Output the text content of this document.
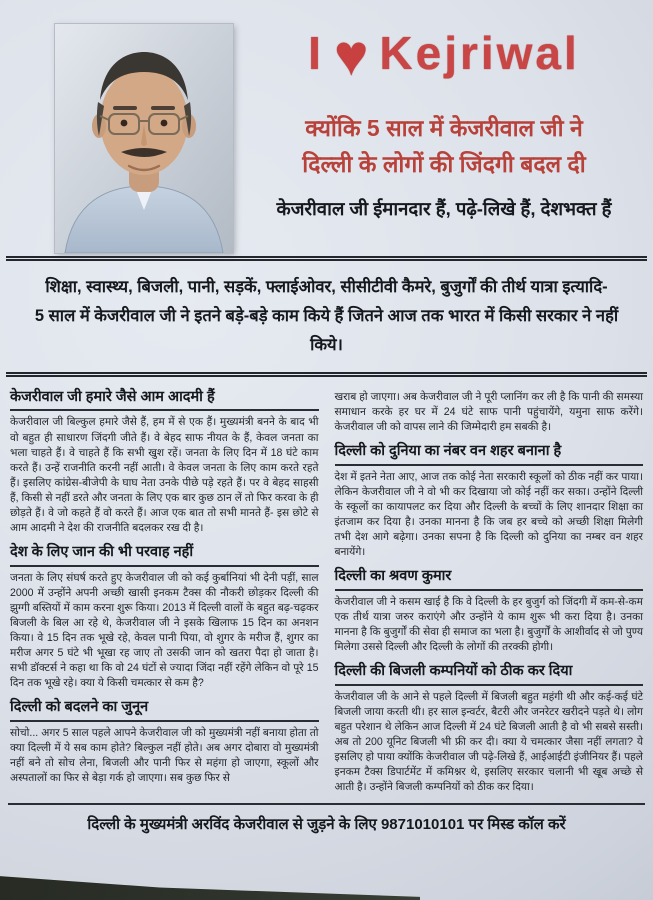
I ♥ Kejriwal
क्योंकि 5 साल में केजरीवाल जी ने
दिल्ली के लोगों की जिंदगी बदल दी
केजरीवाल जी ईमानदार हैं, पढ़े-लिखे हैं, देशभक्त हैं
शिक्षा, स्वास्थ्य, बिजली, पानी, सड़कें, फ्लाईओवर, सीसीटीवी कैमरे, बुजुर्गों की तीर्थ यात्रा इत्यादि-
5 साल में केजरीवाल जी ने इतने बड़े-बड़े काम किये हैं जितने आज तक भारत में किसी सरकार ने नहीं किये।
केजरीवाल जी हमारे जैसे आम आदमी हैं

केजरीवाल जी बिल्कुल हमारे जैसे हैं, हम में से एक हैं। मुख्यमंत्री बनने के बाद भी वो बहुत ही साधारण जिंदगी जीते हैं। वे बेहद साफ नीयत के हैं, केवल जनता का भला चाहते हैं। वे चाहते हैं कि सभी खुश रहें। जनता के लिए दिन में 18 घंटे काम करते हैं। उन्हें राजनीति करनी नहीं आती। वे केवल जनता के लिए काम करते रहते हैं। इसलिए कांग्रेस-बीजेपी के घाघ नेता उनके पीछे पड़े रहते हैं। पर वे बेहद साहसी हैं, किसी से नहीं डरते और जनता के लिए एक बार कुछ ठान लें तो फिर करवा के ही छोड़ते हैं। वे जो कहते हैं वो करते हैं। आज एक बात तो सभी मानते हैं- इस छोटे से आम आदमी ने देश की राजनीति बदलकर रख दी है।

देश के लिए जान की भी परवाह नहीं

जनता के लिए संघर्ष करते हुए केजरीवाल जी को कई कुर्बानियां भी देनी पड़ीं, साल 2000 में उन्होंने अपनी अच्छी खासी इनकम टैक्स की नौकरी छोड़कर दिल्ली की झुग्गी बस्तियों में काम करना शुरू किया। 2013 में दिल्ली वालों के बहुत बढ़-चढ़कर बिजली के बिल आ रहे थे, केजरीवाल जी ने इसके खिलाफ 15 दिन का अनशन किया। वे 15 दिन तक भूखे रहे, केवल पानी पिया, वो शुगर के मरीज हैं, शुगर का मरीज अगर 5 घंटे भी भूखा रह जाए तो उसकी जान को खतरा पैदा हो जाता है। सभी डॉक्टर्स ने कहा था कि वो 24 घंटों से ज्यादा जिंदा नहीं रहेंगे लेकिन वो पूरे 15 दिन तक भूखे रहे। क्या ये किसी चमत्कार से कम है?

दिल्ली को बदलने का जुनून

सोचो... अगर 5 साल पहले आपने केजरीवाल जी को मुख्यमंत्री नहीं बनाया होता तो क्या दिल्ली में ये सब काम होते? बिल्कुल नहीं होते। अब अगर दोबारा वो मुख्यमंत्री नहीं बने तो सोच लेना, बिजली और पानी फिर से महंगा हो जाएगा, स्कूलों और अस्पतालों का फिर से बेड़ा गर्क हो जाएगा। सब कुछ फिर से

खराब हो जाएगा। अब केजरीवाल जी ने पूरी प्लानिंग कर ली है कि पानी की समस्या समाधान करके हर घर में 24 घंटे साफ पानी पहुंचायेंगे, यमुना साफ करेंगे। केजरीवाल जी को वापस लाने की जिम्मेदारी हम सबकी है।

दिल्ली को दुनिया का नंबर वन शहर बनाना है

देश में इतने नेता आए, आज तक कोई नेता सरकारी स्कूलों को ठीक नहीं कर पाया। लेकिन केजरीवाल जी ने वो भी कर दिखाया जो कोई नहीं कर सका। उन्होंने दिल्ली के स्कूलों का कायापलट कर दिया और दिल्ली के बच्चों के लिए शानदार शिक्षा का इंतजाम कर दिया है। उनका मानना है कि जब हर बच्चे को अच्छी शिक्षा मिलेगी तभी देश आगे बढ़ेगा। उनका सपना है कि दिल्ली को दुनिया का नम्बर वन शहर बनायेंगे।

दिल्ली का श्रवण कुमार

केजरीवाल जी ने कसम खाई है कि वे दिल्ली के हर बुजुर्ग को जिंदगी में कम-से-कम एक तीर्थ यात्रा जरुर कराएंगे और उन्होंने ये काम शुरू भी करा दिया है। उनका मानना है कि बुजुर्गों की सेवा ही समाज का भला है। बुजुर्गों के आशीर्वाद से जो पुण्य मिलेगा उससे दिल्ली और दिल्ली के लोगों की तरक्की होगी।

दिल्ली की बिजली कम्पनियों को ठीक कर दिया

केजरीवाल जी के आने से पहले दिल्ली में बिजली बहुत महंगी थी और कई-कई घंटे बिजली जाया करती थी। हर साल इन्वर्टर, बैटरी और जनरेटर खरीदने पड़ते थे। लोग बहुत परेशान थे लेकिन आज दिल्ली में 24 घंटे बिजली आती है वो भी सबसे सस्ती। अब तो 200 यूनिट बिजली भी फ्री कर दी। क्या ये चमत्कार जैसा नहीं लगता? ये इसलिए हो पाया क्योंकि केजरीवाल जी पढ़े-लिखे हैं, आईआईटी इंजीनियर हैं। पहले इनकम टैक्स डिपार्टमेंट में कमिश्नर थे, इसलिए सरकार चलानी भी खूब अच्छे से आती है। उन्होंने बिजली कम्पनियों को ठीक कर दिया।

दिल्ली के मुख्यमंत्री अरविंद केजरीवाल से जुड़ने के लिए 9871010101 पर मिस्ड कॉल करें
